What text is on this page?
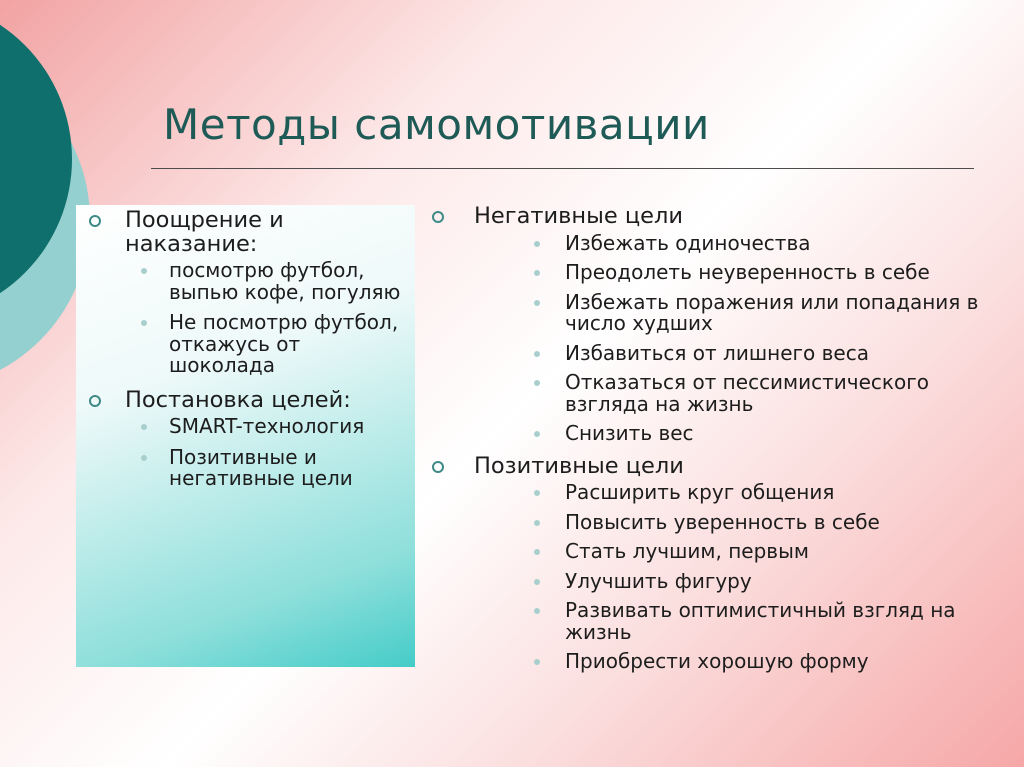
Методы самомотивации
Поощрение и наказание:
посмотрю футбол, выпью кофе, погуляю
Не посмотрю футбол, откажусь от шоколада
Постановка целей:
SMART-технология
Позитивные и негативные цели
Негативные цели
Избежать одиночества
Преодолеть неуверенность в себе
Избежать поражения или попадания в число худших
Избавиться от лишнего веса
Отказаться от пессимистического взгляда на жизнь
Снизить вес
Позитивные цели
Расширить круг общения
Повысить уверенность в себе
Стать лучшим, первым
Улучшить фигуру
Развивать оптимистичный взгляд на жизнь
Приобрести хорошую форму
